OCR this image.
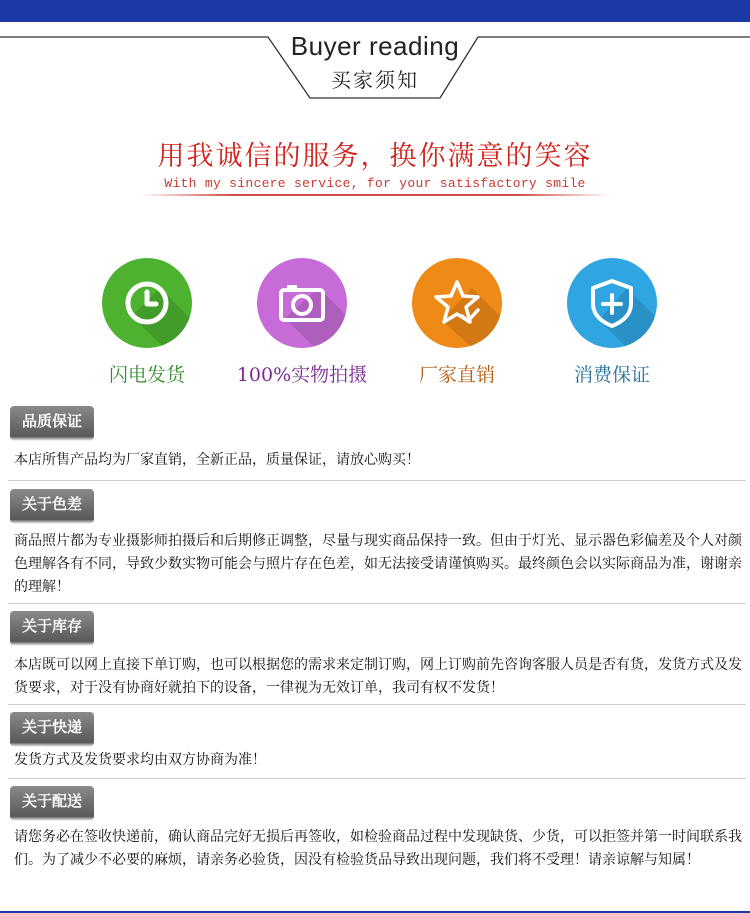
Buyer reading
买家须知
用我诚信的服务，换你满意的笑容
With my sincere service, for your satisfactory smile
闪电发货	100%实物拍摄	厂家直销	消费保证
品质保证
本店所售产品均为厂家直销，全新正品，质量保证，请放心购买！
关于色差
商品照片都为专业摄影师拍摄后和后期修正调整，尽量与现实商品保持一致。但由于灯光、显示器色彩偏差及个人对颜色理解各有不同，导致少数实物可能会与照片存在色差，如无法接受请谨慎购买。最终颜色会以实际商品为准，谢谢亲的理解！
关于库存
本店既可以网上直接下单订购，也可以根据您的需求来定制订购，网上订购前先咨询客服人员是否有货，发货方式及发货要求，对于没有协商好就拍下的设备，一律视为无效订单，我司有权不发货！
关于快递
发货方式及发货要求均由双方协商为准！
关于配送
请您务必在签收快递前，确认商品完好无损后再签收，如检验商品过程中发现缺货、少货，可以拒签并第一时间联系我们。为了减少不必要的麻烦，请亲务必验货，因没有检验货品导致出现问题，我们将不受理！请亲谅解与知属！
